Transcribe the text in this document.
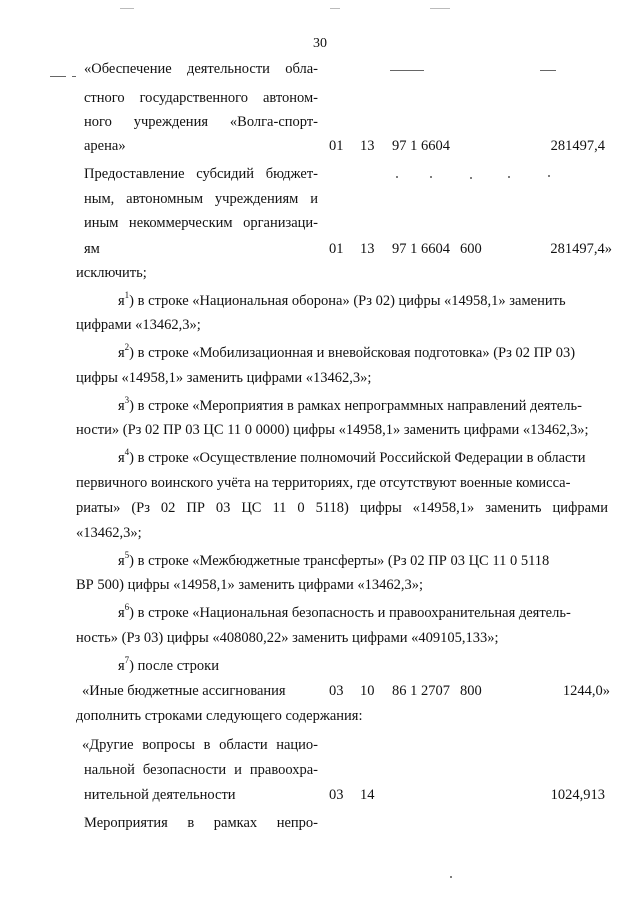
30
«Обеспечение деятельности обла-
стного государственного автоном-
ного учреждения «Волга-спорт-
арена»	01 13 97 1 6604	281497,4
Предоставление субсидий бюджет-
ным, автономным учреждениям и
иным некоммерческим организаци-
ям	01 13 97 1 6604 600	281497,4»
исключить;
$я^1$) в строке «Национальная оборона» (Рз 02) цифры «14958,1» заменить
цифрами «13462,3»;
$я^2$) в строке «Мобилизационная и вневойсковая подготовка» (Рз 02 ПР 03)
цифры «14958,1» заменить цифрами «13462,3»;
$я^3$) в строке «Мероприятия в рамках непрограммных направлений деятель-
ности» (Рз 02 ПР 03 ЦС 11 0 0000) цифры «14958,1» заменить цифрами «13462,3»;
$я^4$) в строке «Осуществление полномочий Российской Федерации в области
первичного воинского учёта на территориях, где отсутствуют военные комисса-
риаты» (Рз 02 ПР 03 ЦС 11 0 5118) цифры «14958,1» заменить цифрами
«13462,3»;
$я^5$) в строке «Межбюджетные трансферты» (Рз 02 ПР 03 ЦС 11 0 5118
ВР 500) цифры «14958,1» заменить цифрами «13462,3»;
$я^6$) в строке «Национальная безопасность и правоохранительная деятель-
ность» (Рз 03) цифры «408080,22» заменить цифрами «409105,133»;
$я^7$) после строки
«Иные бюджетные ассигнования	03 10 86 1 2707 800	1244,0»
дополнить строками следующего содержания:
«Другие вопросы в области нацио-
нальной безопасности и правоохра-
нительной деятельности	03 14	1024,913
Мероприятия в рамках непро-
